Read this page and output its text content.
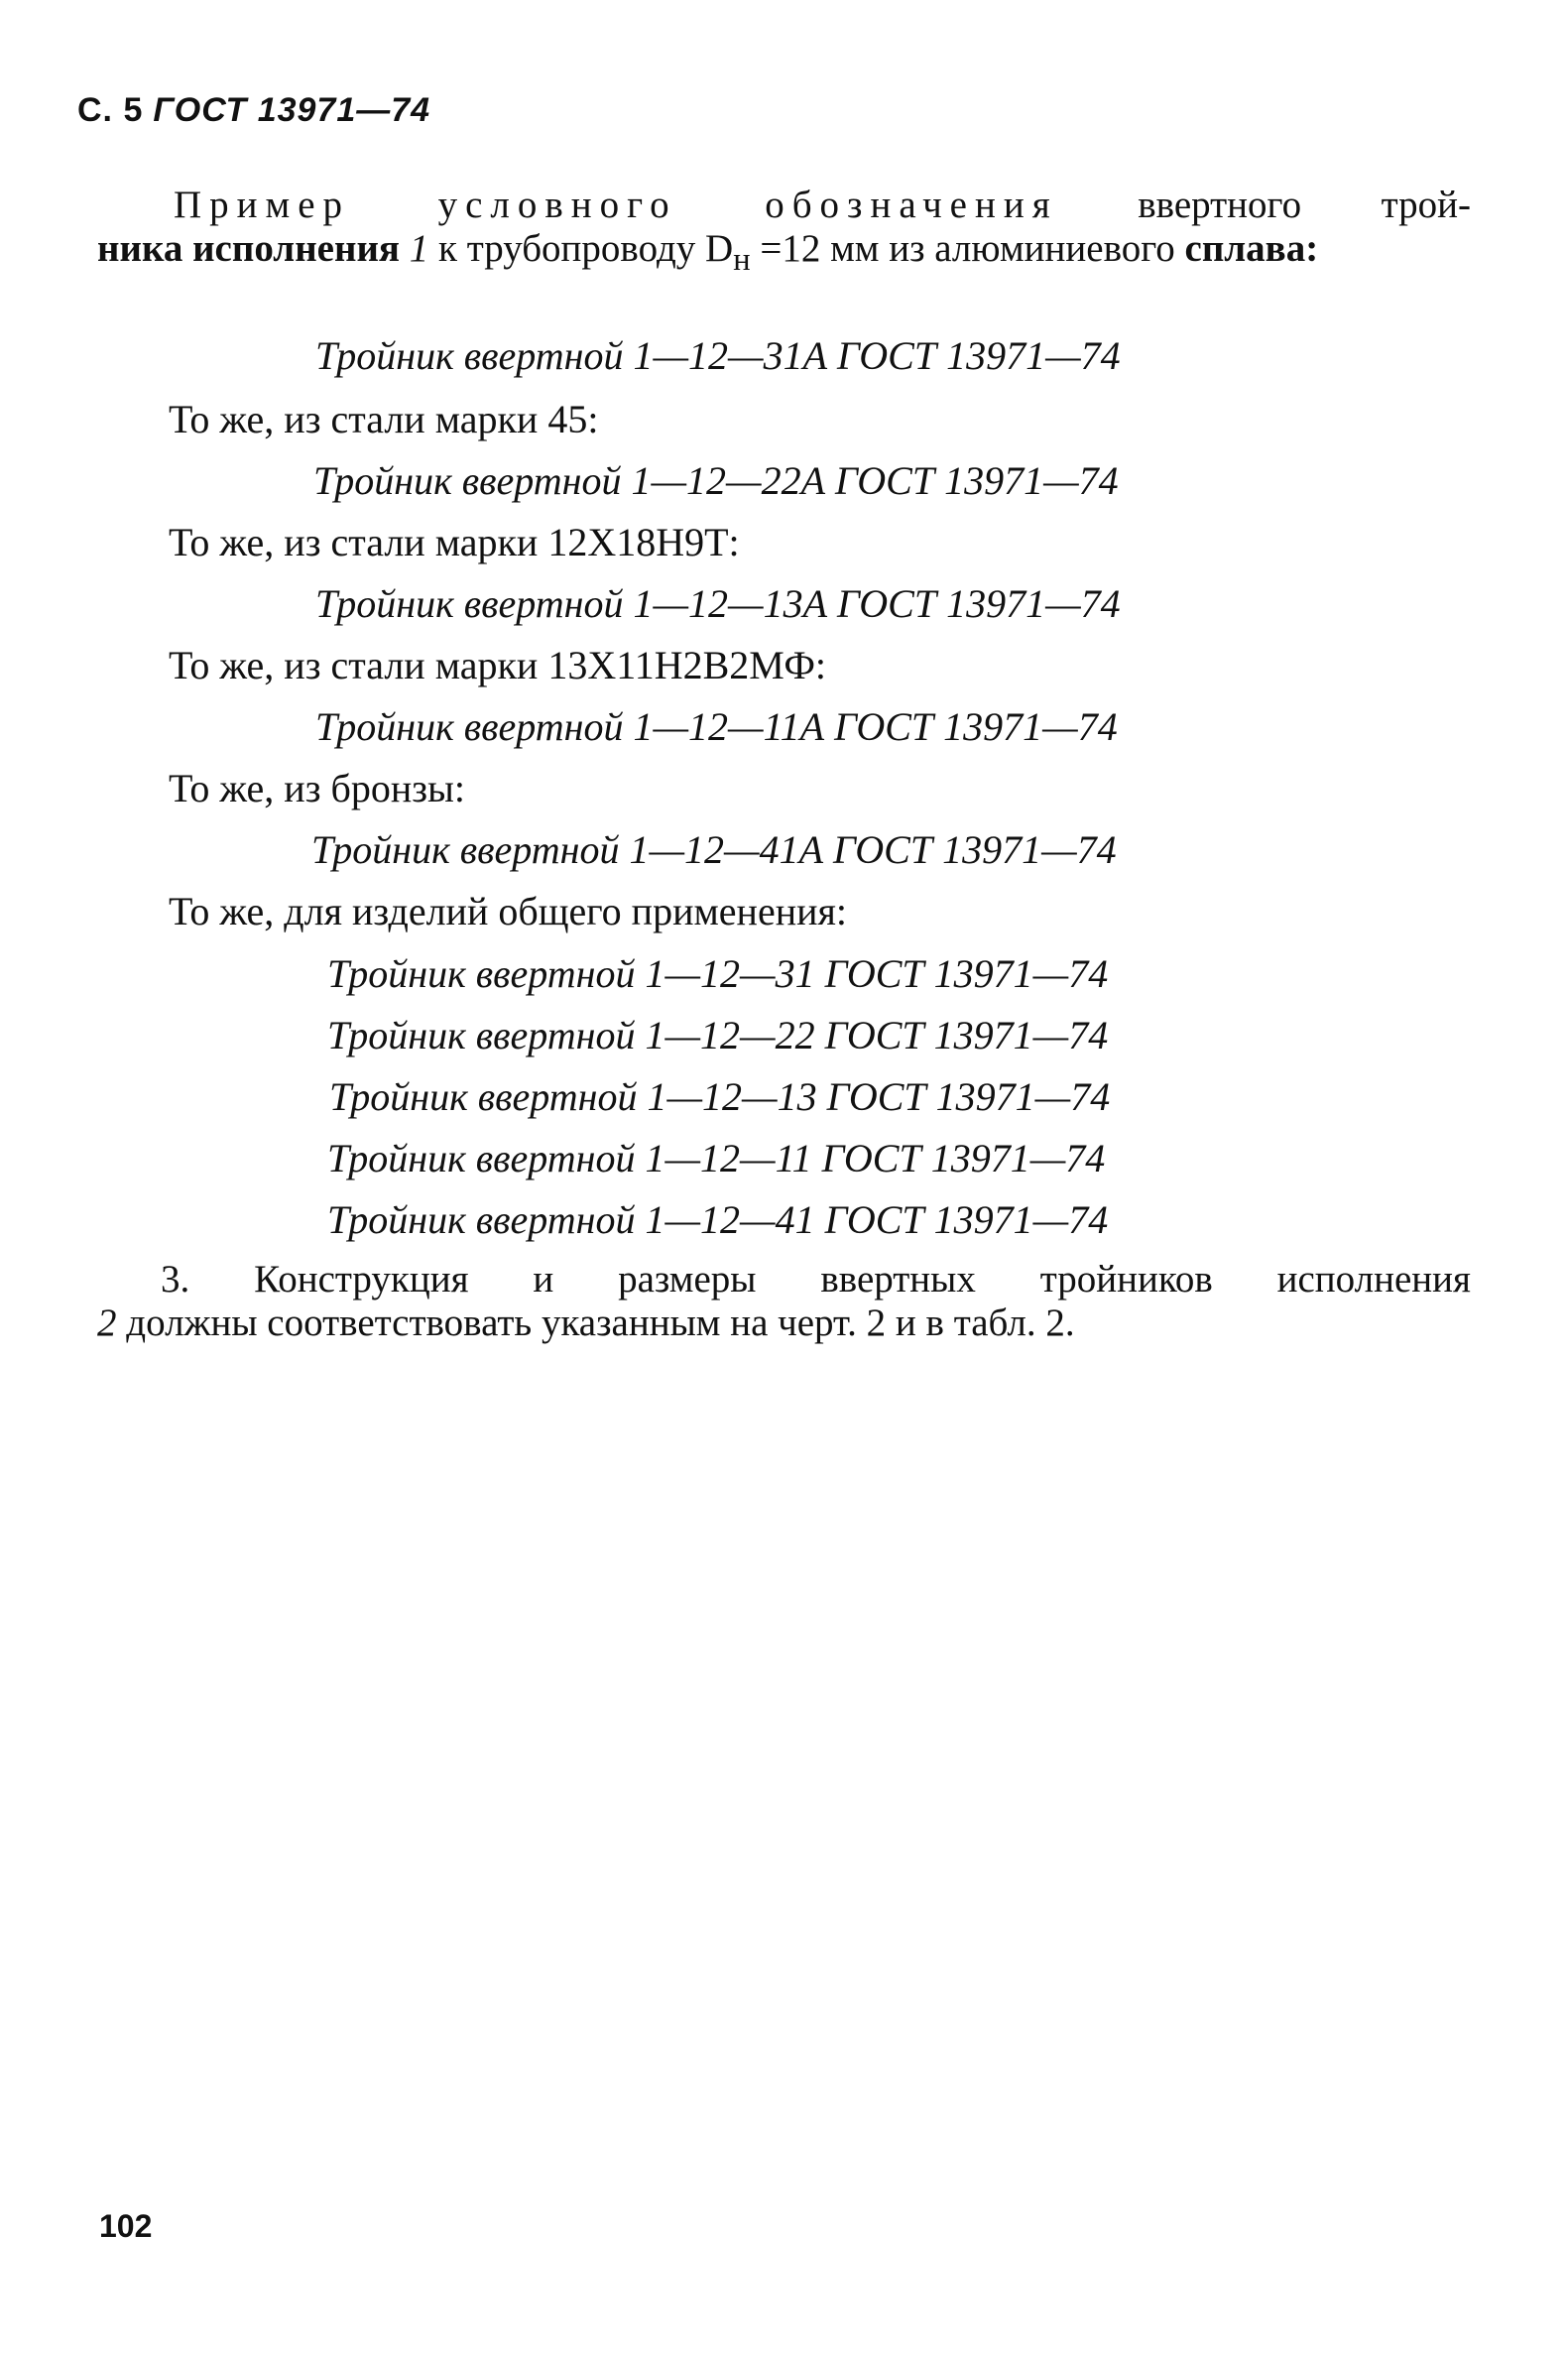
С. 5 ГОСТ 13971—74
Пример условного обозначения ввертного трой-
ника исполнения 1 к трубопроводу $D_н =12$ мм из алюминиевого сплава:
Тройник ввертной 1—12—31А ГОСТ 13971—74
То же, из стали марки 45:
Тройник ввертной 1—12—22А ГОСТ 13971—74
То же, из стали марки 12Х18Н9Т:
Тройник ввертной 1—12—13А ГОСТ 13971—74
То же, из стали марки 13Х11Н2В2МФ:
Тройник ввертной 1—12—11А ГОСТ 13971—74
То же, из бронзы:
Тройник ввертной 1—12—41А ГОСТ 13971—74
То же, для изделий общего применения:
Тройник ввертной 1—12—31 ГОСТ 13971—74
Тройник ввертной 1—12—22 ГОСТ 13971—74
Тройник ввертной 1—12—13 ГОСТ 13971—74
Тройник ввертной 1—12—11 ГОСТ 13971—74
Тройник ввертной 1—12—41 ГОСТ 13971—74
3. Конструкция и размеры ввертных тройников исполнения
2 должны соответствовать указанным на черт. 2 и в табл. 2.
102
